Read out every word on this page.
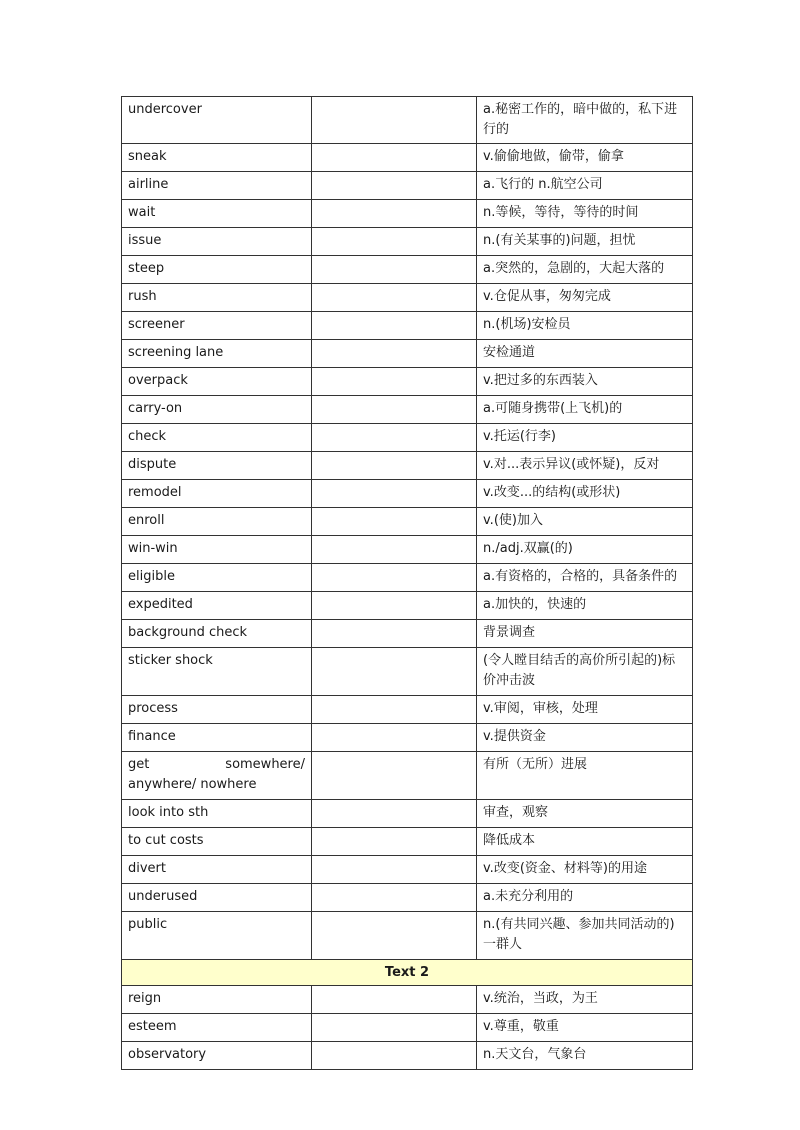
undercover		a.秘密工作的，暗中做的，私下进行的
sneak		v.偷偷地做，偷带，偷拿
airline		a.飞行的 n.航空公司
wait		n.等候，等待，等待的时间
issue		n.(有关某事的)问题，担忧
steep		a.突然的，急剧的，大起大落的
rush		v.仓促从事，匆匆完成
screener		n.(机场)安检员
screening lane		安检通道
overpack		v.把过多的东西装入
carry-on		a.可随身携带(上飞机)的
check		v.托运(行李)
dispute		v.对...表示异议(或怀疑)，反对
remodel		v.改变...的结构(或形状)
enroll		v.(使)加入
win-win		n./adj.双赢(的)
eligible		a.有资格的，合格的，具备条件的
expedited		a.加快的，快速的
background check		背景调查
sticker shock		(令人瞠目结舌的高价所引起的)标价冲击波
process		v.审阅，审核，处理
finance		v.提供资金
get somewhere/ anywhere/ nowhere		有所（无所）进展
look into sth		审查，观察
to cut costs		降低成本
divert		v.改变(资金、材料等)的用途
underused		a.未充分利用的
public		n.(有共同兴趣、参加共同活动的)一群人
Text 2		
reign		v.统治，当政，为王
esteem		v.尊重，敬重
observatory		n.天文台，气象台
